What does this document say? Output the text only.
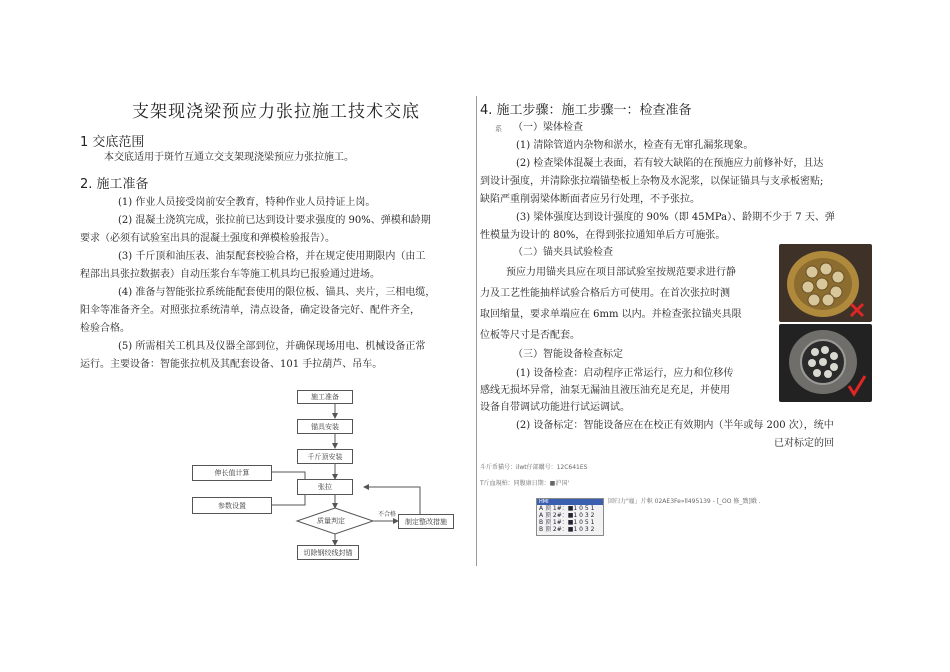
支架现浇梁预应力张拉施工技术交底
1 交底范围
本交底适用于斑竹互通立交支架现浇梁预应力张拉施工。
2. 施工准备
(1) 作业人员接受岗前安全教育，特种作业人员持证上岗。
(2) 混凝土浇筑完成，张拉前已达到设计要求强度的 90%、弹模和龄期
要求（必须有试验室出具的混凝土强度和弹模检验报告）。
(3) 千斤顶和油压表、油泵配套校验合格，并在规定使用期限内（由工
程部出具张拉数据表）自动压浆台车等施工机具均已报验通过进场。
(4) 准备与智能张拉系统能配套使用的限位板、锚具、夹片，三相电缆，
阳伞等准备齐全。对照张拉系统清单，清点设备，确定设备完好、配件齐全，
检验合格。
(5) 所需相关工机具及仪器全部到位，并确保现场用电、机械设备正常
运行。主要设备：智能张拉机及其配套设备、101 手拉葫芦、吊车。
施工准备
锚具安装
千斤顶安装
张拉
质量判定
切除钢绞线封锚
伸长值计算
参数设置
制定整改措施
不合格
4. 施工步骤：施工步骤一：检查准备
系 （一）梁体检查
(1) 清除管道内杂物和淤水，检查有无窜孔漏浆现象。
(2) 检查梁体混凝土表面，若有较大缺陷的在预施应力前修补好，且达
到设计强度，并清除张拉端锚垫板上杂物及水泥浆，以保证锚具与支承板密贴;
缺陷严重削弱梁体断面者应另行处理，不予张拉。
(3) 梁体强度达到设计强度的 90%（即 45MPa）、龄期不少于 7 天、弹
性模量为设计的 80%，在得到张拉通知单后方可施张。
（二）锚夹具试验检查
预应力用锚夹具应在项目部试验室按规范要求进行静
力及工艺性能抽样试验合格后方可使用。在首次张拉时测
取回缩量，要求单端应在 6mm 以内。并检查张拉锚夹具限
位板等尺寸是否配套。
（三）智能设备检查标定
(1) 设备检查：启动程序正常运行，应力和位移传
感线无损坏异常，油泵无漏油且液压油充足充足，并使用
设备自带调试功能进行试运调试。
(2) 设备标定：智能设备应在在校正有效期内（半年或每 200 次），统中
已对标定的回
斗斤币猫号：ilwt仔部購号：12C641ES
T斤血規柏：同腹康日期：■沪国'
HMI
A 顶 1#：■1 0 5 1
A 顶 2#：■1 0 3 2
B 顶 1#：■1 0 5 1
B 顶 2#：■1 0 3 2
回归力"雇」片帜 02AE3Fe»ll495139 - [_OO 修_戮]娥 .
